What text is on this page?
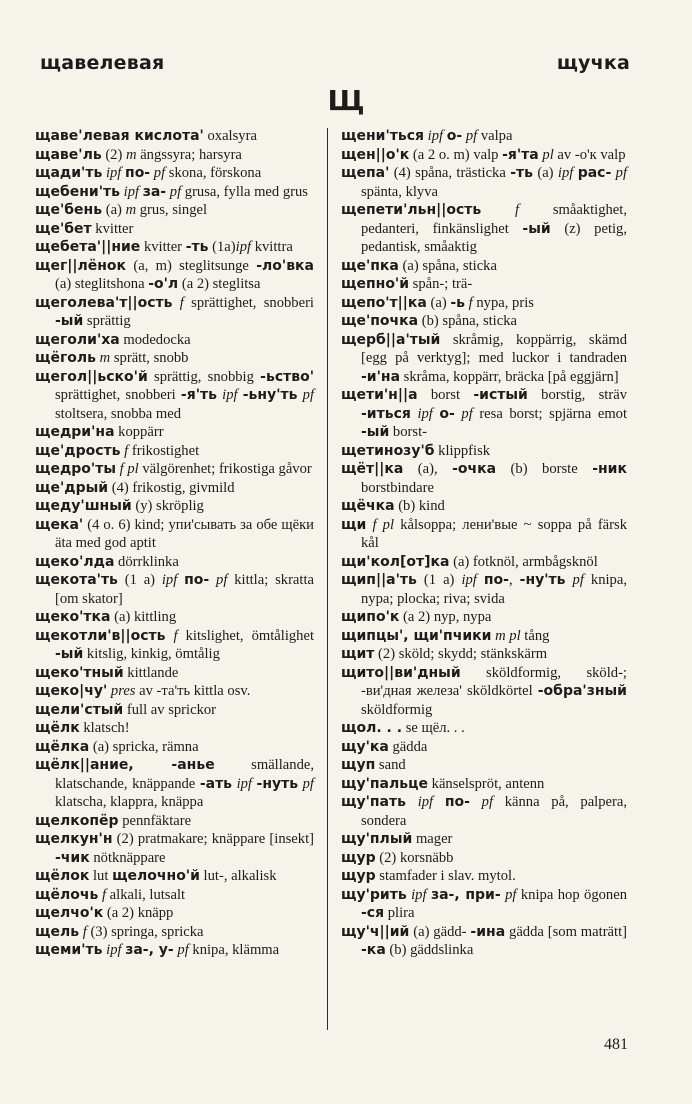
щавелевая	щучка
Щ

щаве'левая кислота' oxalsyra

щаве'ль (2) m ängssyra; harsyra

щади'ть ipf по- pf skona, förskona

щебени'ть ipf за- pf grusa, fylla med grus

ще'бень (a) m grus, singel

ще'бет kvitter

щебета'||ние kvitter -ть (1a)ipf kvittra

щег||лёнок (a, m) steglitsunge -ло'вка (a) steglitshona -о'л (a 2) steglitsa

щеголева'т||ость f sprättighet, snobberi -ый sprättig

щеголи'ха modedocka

щёголь m sprätt, snobb

щегол||ьско'й sprättig, snobbig -ьство' sprättighet, snobberi -я'ть ipf -ьну'ть pf stoltsera, snobba med

щедри'на koppärr

ще'дрость f frikostighet

щедро'ты f pl välgörenhet; frikostiga gåvor

ще'дрый (4) frikostig, givmild

щеду'шный (y) skröplig

щека' (4 o. 6) kind; упи'сывать за обе щёки äta med god aptit

щеко'лда dörrklinka

щекота'ть (1 a) ipf по- pf kittla; skratta [om skator]

щеко'тка (a) kittling

щекотли'в||ость f kitslighet, ömtålighet -ый kitslig, kinkig, ömtålig

щеко'тный kittlande

щеко|чу' pres av -та'ть kittla osv.

щели'стый full av sprickor

щёлк klatsch!

щёлка (a) spricka, rämna

щёлк||ание, -анье smällande, klatschande, knäppande -ать ipf -нуть pf klatscha, klappra, knäppa

щелкопёр pennfäktare

щелкун'н (2) pratmakare; knäppare [insekt] -чик nötknäppare

щёлок lut щелочно'й lut-, alkalisk

щёлочь f alkali, lutsalt

щелчо'к (a 2) knäpp

щель f (3) springa, spricka

щеми'ть ipf за-, у- pf knipa, klämma

щени'ться ipf о- pf valpa

щен||о'к (a 2 o. m) valp -я'та pl av -о'к valp

щепа' (4) spåna, trästicka -ть (a) ipf рас- pf spänta, klyva

щепети'льн||ость f småaktighet, pedanteri, finkänslighet -ый (z) petig, pedantisk, småaktig

ще'пка (a) spåna, sticka

щепно'й spån-; trä-

щепо'т||ка (a) -ь f nypa, pris

ще'почка (b) spåna, sticka

щерб||а'тый skråmig, koppärrig, skämd [egg på verktyg]; med luckor i tandraden -и'на skråma, koppärr, bräcka [på eggjärn]

щети'н||а borst -истый borstig, sträv -иться ipf о- pf resa borst; spjärna emot -ый borst-

щетинозу'б klippfisk

щёт||ка (a), -очка (b) borste -ник borstbindare

щёчка (b) kind

щи f pl kålsoppa; лени'вые ~ soppa på färsk kål

щи'кол[от]ка (a) fotknöl, armbågsknöl

щип||а'ть (1 a) ipf по-, -ну'ть pf knipa, nypa; plocka; riva; svida

щипо'к (a 2) nyp, nypa

щипцы', щи'пчики m pl tång

щит (2) sköld; skydd; stänkskärm

щито||ви'дный sköldformig, sköld-; -ви'дная железа' sköldkörtel -обра'зный sköldformig

щол. . . se щёл. . .

щу'ка gädda

щуп sand

щу'пальце känselspröt, antenn

щу'пать ipf по- pf känna på, palpera, sondera

щу'плый mager

щур (2) korsnäbb

щур stamfader i slav. mytol.

щу'рить ipf за-, при- pf knipa hop ögonen -ся plira

щу'ч||ий (a) gädd- -ина gädda [som maträtt] -ка (b) gäddslinka

481
